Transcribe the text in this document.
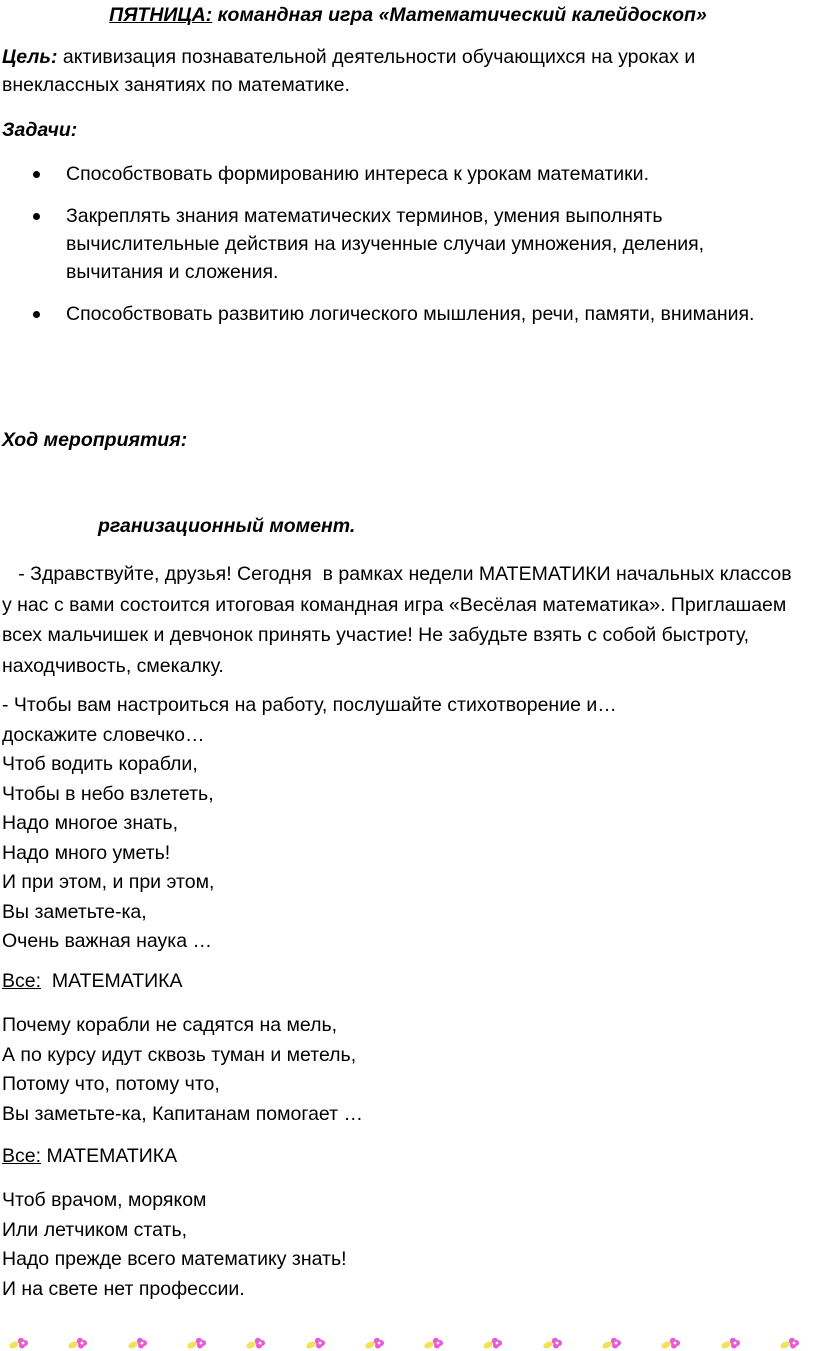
ПЯТНИЦА: командная игра «Математический калейдоскоп»
Цель: активизация познавательной деятельности обучающихся на уроках и внеклассных занятиях по математике.
Задачи:
Способствовать формированию интереса к урокам математики.
Закреплять знания математических терминов, умения выполнять вычислительные действия на изученные случаи умножения, деления, вычитания и сложения.
Способствовать развитию логического мышления, речи, памяти, внимания.
Ход мероприятия:
рганизационный момент.
- Здравствуйте, друзья! Сегодня  в рамках недели МАТЕМАТИКИ начальных классов у нас с вами состоится итоговая командная игра «Весёлая математика». Приглашаем всех мальчишек и девчонок принять участие! Не забудьте взять с собой быстроту, находчивость, смекалку.
- Чтобы вам настроиться на работу, послушайте стихотворение и…
доскажите словечко…
Чтоб водить корабли,
Чтобы в небо взлететь,
Надо многое знать,
Надо много уметь!
И при этом, и при этом,
Вы заметьте-ка,
Очень важная наука …
Все:  МАТЕМАТИКА
Почему корабли не садятся на мель,
А по курсу идут сквозь туман и метель,
Потому что, потому что,
Вы заметьте-ка, Капитанам помогает …
Все: МАТЕМАТИКА
Чтоб врачом, моряком
Или летчиком стать,
Надо прежде всего математику знать!
И на свете нет профессии.
